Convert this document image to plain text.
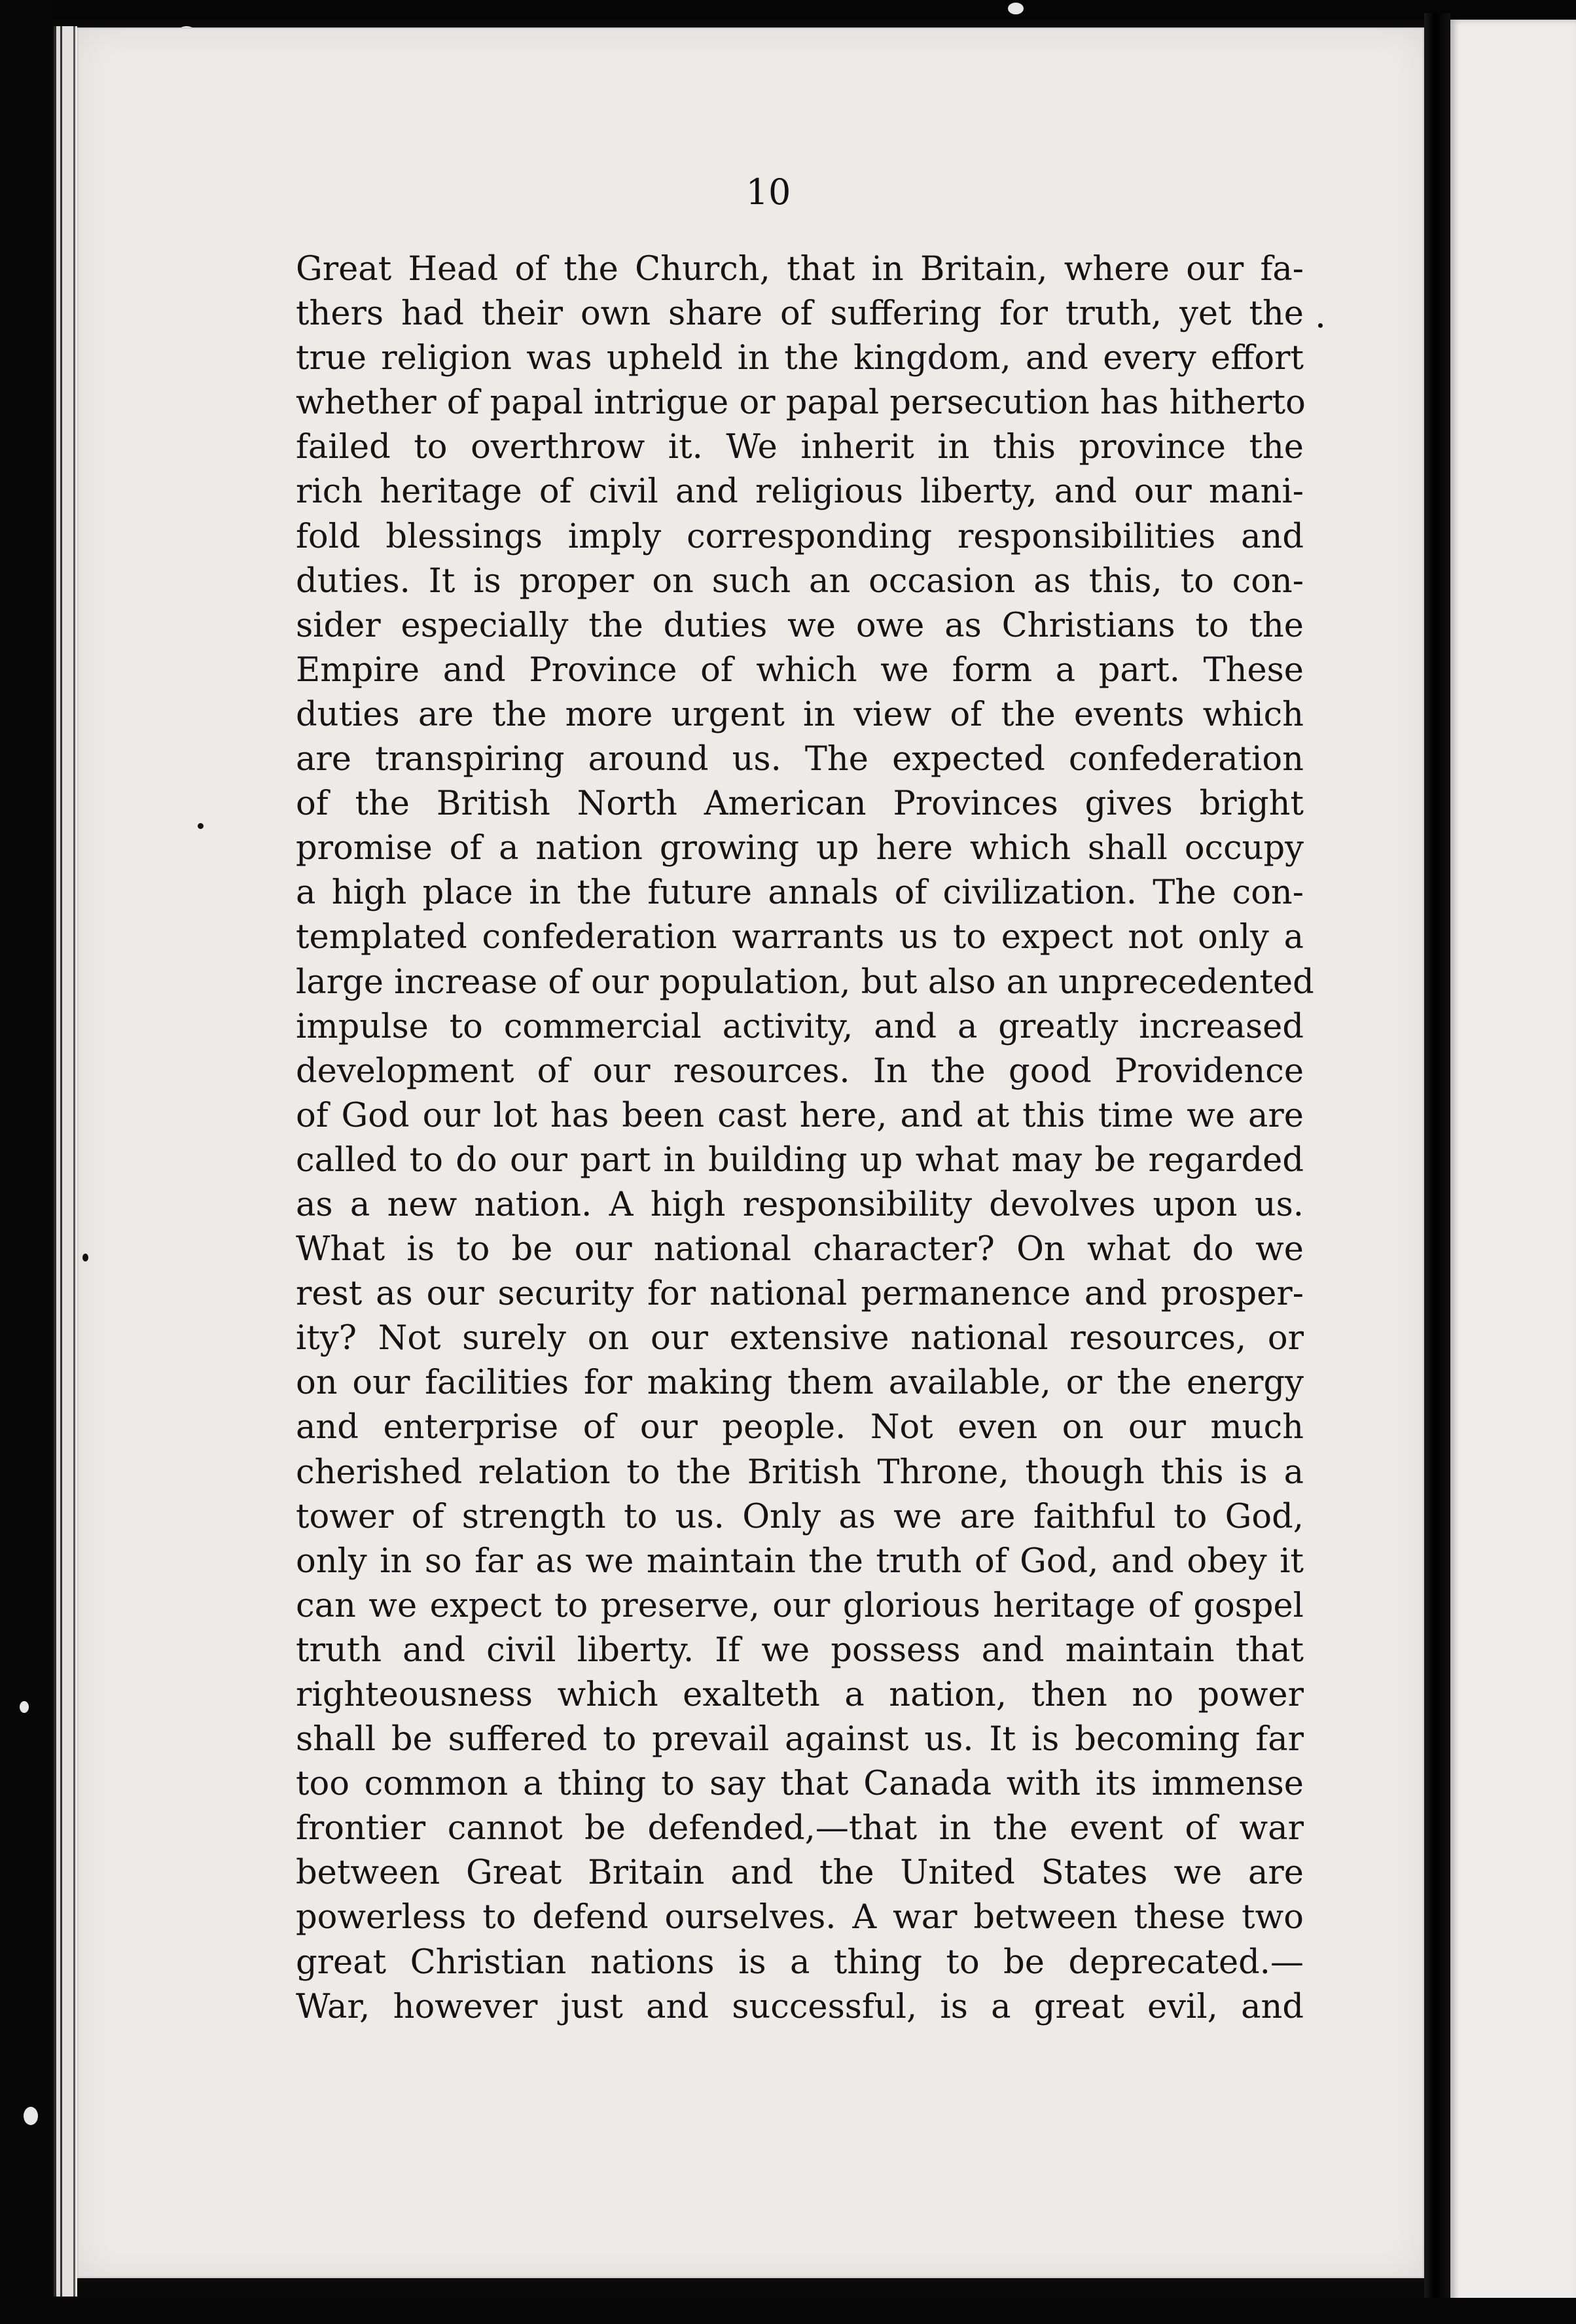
10
Great Head of the Church, that in Britain, where our fa-
thers had their own share of suffering for truth, yet the
true religion was upheld in the kingdom, and every effort
whether of papal intrigue or papal persecution has hitherto
failed to overthrow it. We inherit in this province the
rich heritage of civil and religious liberty, and our mani-
fold blessings imply corresponding responsibilities and
duties. It is proper on such an occasion as this, to con-
sider especially the duties we owe as Christians to the
Empire and Province of which we form a part. These
duties are the more urgent in view of the events which
are transpiring around us. The expected confederation
of the British North American Provinces gives bright
promise of a nation growing up here which shall occupy
a high place in the future annals of civilization. The con-
templated confederation warrants us to expect not only a
large increase of our population, but also an unprecedented
impulse to commercial activity, and a greatly increased
development of our resources. In the good Providence
of God our lot has been cast here, and at this time we are
called to do our part in building up what may be regarded
as a new nation. A high responsibility devolves upon us.
What is to be our national character? On what do we
rest as our security for national permanence and prosper-
ity? Not surely on our extensive national resources, or
on our facilities for making them available, or the energy
and enterprise of our people. Not even on our much
cherished relation to the British Throne, though this is a
tower of strength to us. Only as we are faithful to God,
only in so far as we maintain the truth of God, and obey it
can we expect to preserve, our glorious heritage of gospel
truth and civil liberty. If we possess and maintain that
righteousness which exalteth a nation, then no power
shall be suffered to prevail against us. It is becoming far
too common a thing to say that Canada with its immense
frontier cannot be defended,—that in the event of war
between Great Britain and the United States we are
powerless to defend ourselves. A war between these two
great Christian nations is a thing to be deprecated.—
War, however just and successful, is a great evil, and
